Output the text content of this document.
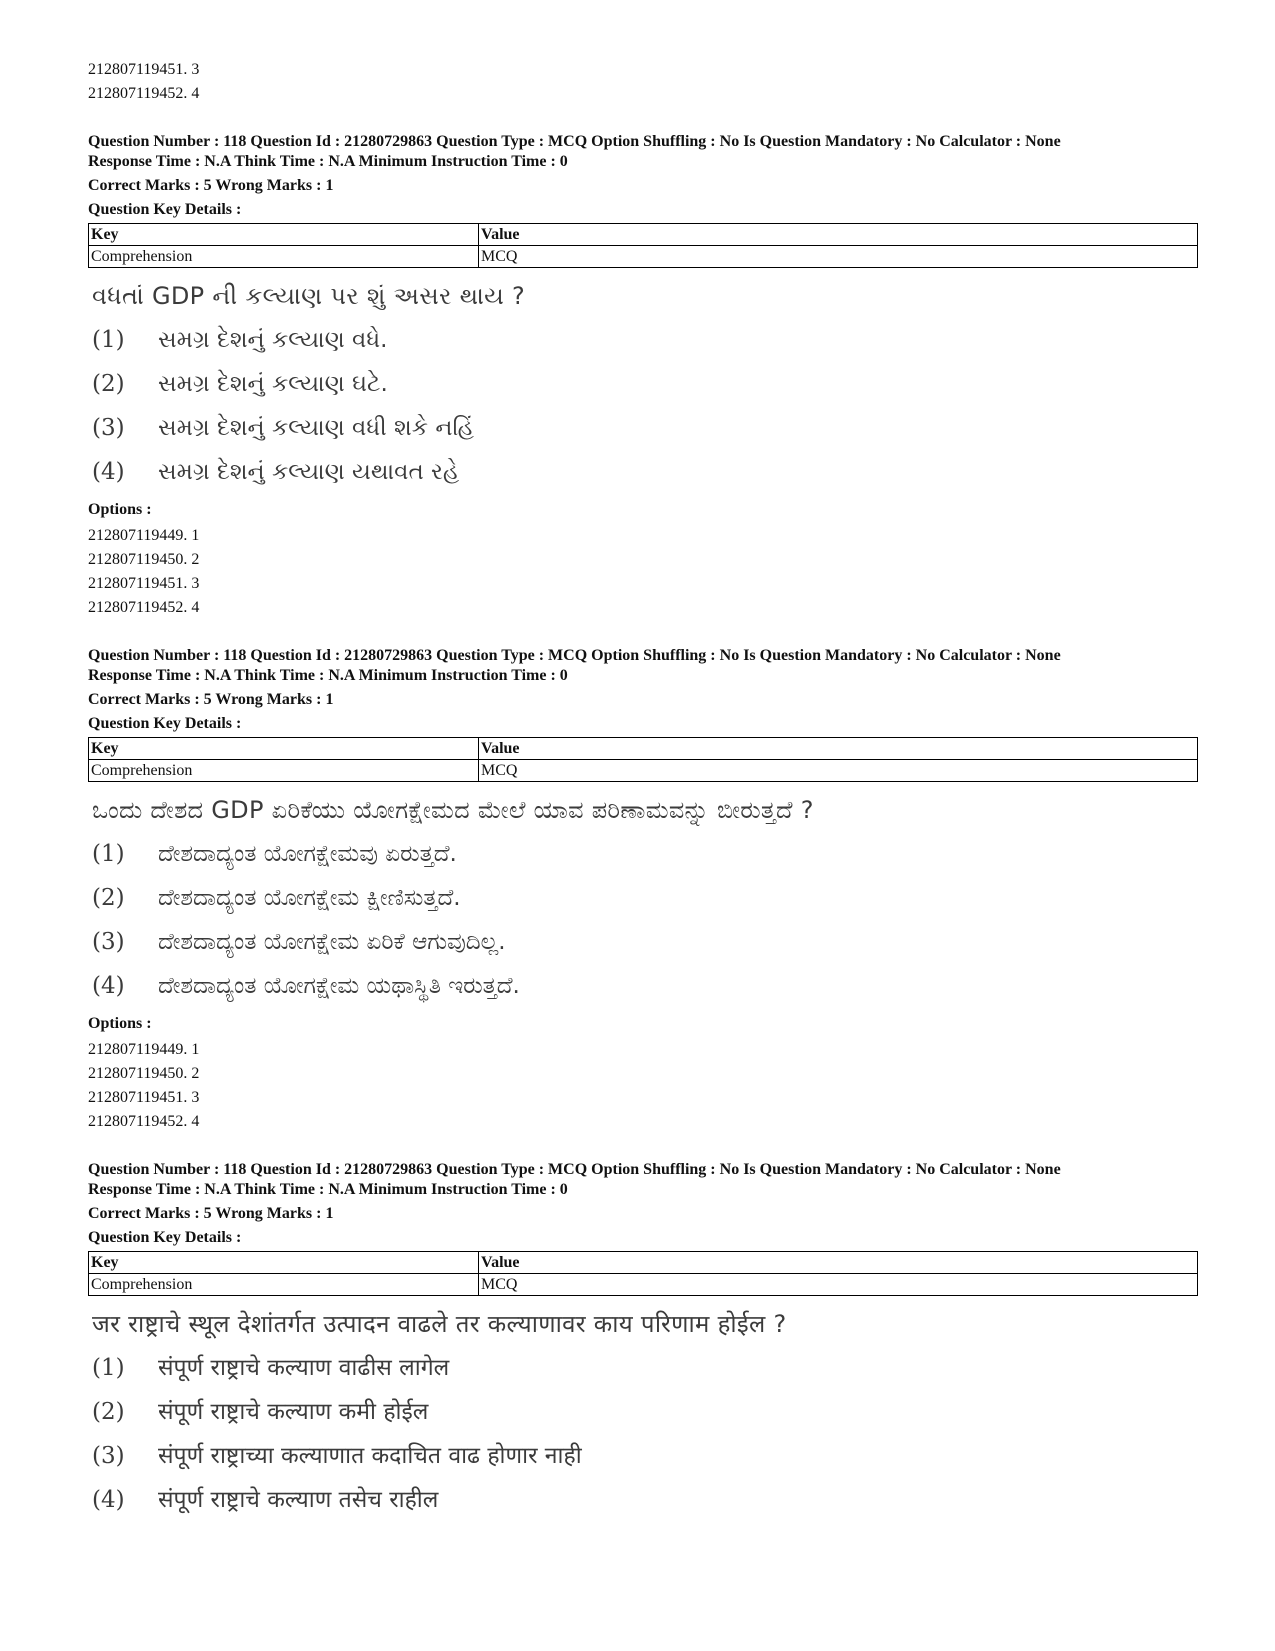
212807119451. 3

212807119452. 4

Question Number : 118 Question Id : 21280729863 Question Type : MCQ Option Shuffling : No Is Question Mandatory : No Calculator : None

Response Time : N.A Think Time : N.A Minimum Instruction Time : 0

Correct Marks : 5 Wrong Marks : 1
Question Key Details :
Key	Value
Comprehension	MCQ
વધતાં GDP ની કલ્યાણ પર શું અસર થાય ?
(1)	સમગ્ર દેશનું કલ્યાણ વધે.
(2)	સમગ્ર દેશનું કલ્યાણ ઘટે.
(3)	સમગ્ર દેશનું કલ્યાણ વધી શકે નહિં
(4)	સમગ્ર દેશનું કલ્યાણ યથાવત રહે
Options :

212807119449. 1

212807119450. 2

212807119451. 3

212807119452. 4

Question Number : 118 Question Id : 21280729863 Question Type : MCQ Option Shuffling : No Is Question Mandatory : No Calculator : None

Response Time : N.A Think Time : N.A Minimum Instruction Time : 0

Correct Marks : 5 Wrong Marks : 1
Question Key Details :
Key	Value
Comprehension	MCQ
ಒಂದು ದೇಶದ GDP ಏರಿಕೆಯು ಯೋಗಕ್ಷೇಮದ ಮೇಲೆ ಯಾವ ಪರಿಣಾಮವನ್ನು ಬೀರುತ್ತದೆ ?
(1)	ದೇಶದಾದ್ಯಂತ ಯೋಗಕ್ಷೇಮವು ಏರುತ್ತದೆ.
(2)	ದೇಶದಾದ್ಯಂತ ಯೋಗಕ್ಷೇಮ ಕ್ಷೀಣಿಸುತ್ತದೆ.
(3)	ದೇಶದಾದ್ಯಂತ ಯೋಗಕ್ಷೇಮ ಏರಿಕೆ ಆಗುವುದಿಲ್ಲ.
(4)	ದೇಶದಾದ್ಯಂತ ಯೋಗಕ್ಷೇಮ ಯಥಾಸ್ಥಿತಿ ಇರುತ್ತದೆ.
Options :

212807119449. 1

212807119450. 2

212807119451. 3

212807119452. 4

Question Number : 118 Question Id : 21280729863 Question Type : MCQ Option Shuffling : No Is Question Mandatory : No Calculator : None

Response Time : N.A Think Time : N.A Minimum Instruction Time : 0

Correct Marks : 5 Wrong Marks : 1
Question Key Details :
Key	Value
Comprehension	MCQ
जर राष्ट्राचे स्थूल देशांतर्गत उत्पादन वाढले तर कल्याणावर काय परिणाम होईल ?
(1)	संपूर्ण राष्ट्राचे कल्याण वाढीस लागेल
(2)	संपूर्ण राष्ट्राचे कल्याण कमी होईल
(3)	संपूर्ण राष्ट्राच्या कल्याणात कदाचित वाढ होणार नाही
(4)	संपूर्ण राष्ट्राचे कल्याण तसेच राहील
